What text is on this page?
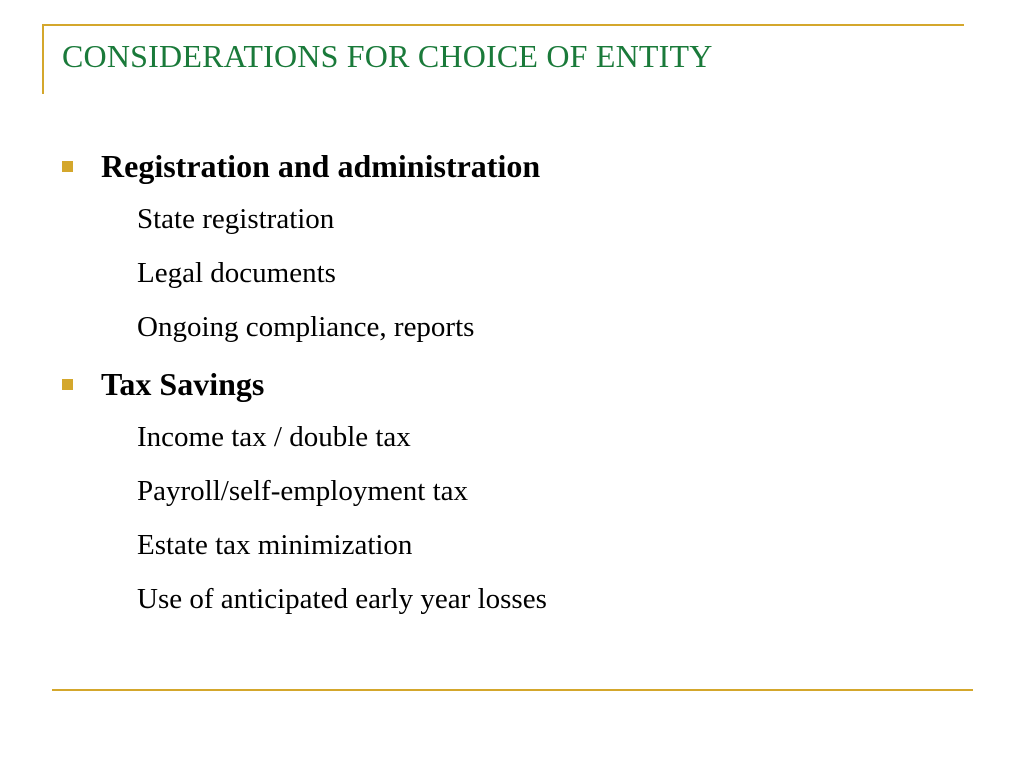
CONSIDERATIONS FOR CHOICE OF ENTITY
Registration and administration
State registration
Legal documents
Ongoing compliance, reports
Tax Savings
Income tax / double tax
Payroll/self-employment tax
Estate tax minimization
Use of anticipated early year losses
